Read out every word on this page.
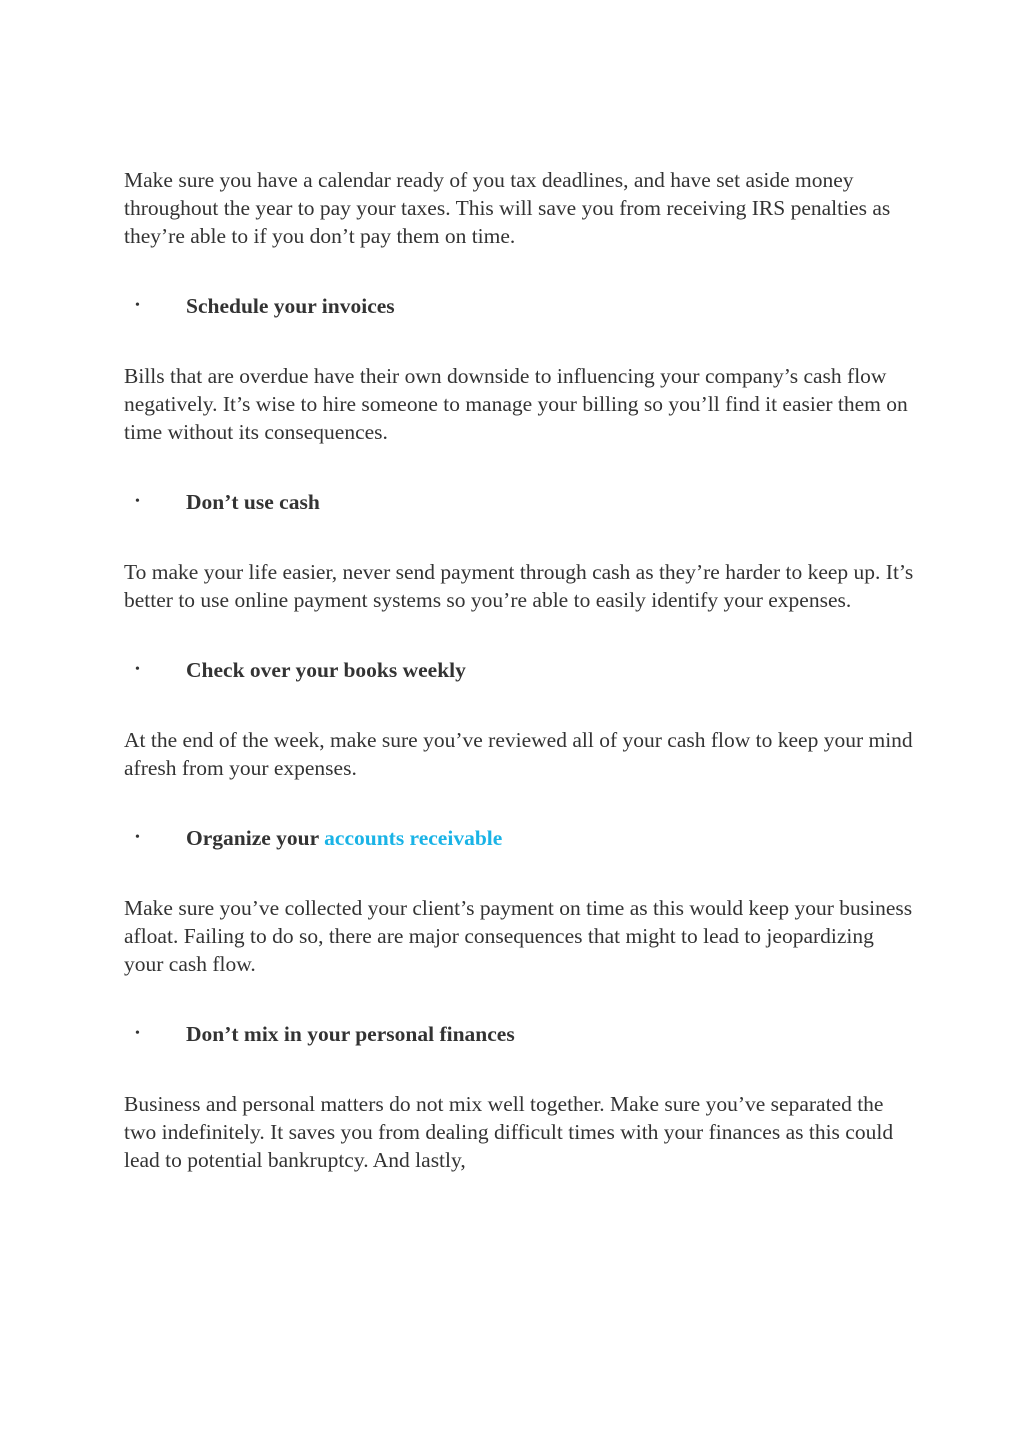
Make sure you have a calendar ready of you tax deadlines, and have set aside money throughout the year to pay your taxes. This will save you from receiving IRS penalties as they’re able to if you don’t pay them on time.

• Schedule your invoices

Bills that are overdue have their own downside to influencing your company’s cash flow negatively. It’s wise to hire someone to manage your billing so you’ll find it easier them on time without its consequences.

• Don’t use cash

To make your life easier, never send payment through cash as they’re harder to keep up. It’s better to use online payment systems so you’re able to easily identify your expenses.

• Check over your books weekly

At the end of the week, make sure you’ve reviewed all of your cash flow to keep your mind afresh from your expenses.

• Organize your accounts receivable

Make sure you’ve collected your client’s payment on time as this would keep your business afloat. Failing to do so, there are major consequences that might to lead to jeopardizing your cash flow.

• Don’t mix in your personal finances

Business and personal matters do not mix well together. Make sure you’ve separated the two indefinitely. It saves you from dealing difficult times with your finances as this could lead to potential bankruptcy. And lastly,
